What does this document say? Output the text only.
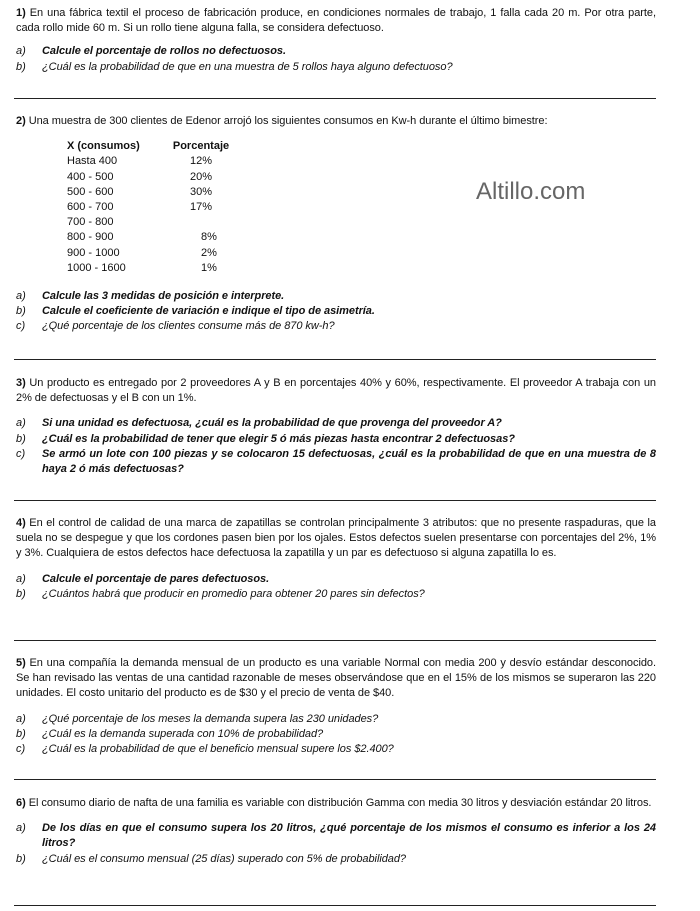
Altillo.com

1) En una fábrica textil el proceso de fabricación produce, en condiciones normales de trabajo, 1 falla cada 20 m. Por otra parte, cada rollo mide 60 m. Si un rollo tiene alguna falla, se considera defectuoso.

a) Calcule el porcentaje de rollos no defectuosos.
b) ¿Cuál es la probabilidad de que en una muestra de 5 rollos haya alguno defectuoso?

2) Una muestra de 300 clientes de Edenor arrojó los siguientes consumos en Kw-h durante el último bimestre:

X (consumos)	Porcentaje
Hasta 400	12%
400 - 500	20%
500 - 600	30%
600 - 700	17%
700 - 800
800 - 900	8%
900 - 1000	2%
1000 - 1600	1%
a) Calcule las 3 medidas de posición e interprete.
b) Calcule el coeficiente de variación e indique el tipo de asimetría.
c) ¿Qué porcentaje de los clientes consume más de 870 kw-h?

3) Un producto es entregado por 2 proveedores A y B en porcentajes 40% y 60%, respectivamente. El proveedor A trabaja con un 2% de defectuosas y el B con un 1%.

a) Si una unidad es defectuosa, ¿cuál es la probabilidad de que provenga del proveedor A?
b) ¿Cuál es la probabilidad de tener que elegir 5 ó más piezas hasta encontrar 2 defectuosas?
c) Se armó un lote con 100 piezas y se colocaron 15 defectuosas, ¿cuál es la probabilidad de que en una muestra de 8 haya 2 ó más defectuosas?

4) En el control de calidad de una marca de zapatillas se controlan principalmente 3 atributos: que no presente raspaduras, que la suela no se despegue y que los cordones pasen bien por los ojales. Estos defectos suelen presentarse con porcentajes del 2%, 1% y 3%. Cualquiera de estos defectos hace defectuosa la zapatilla y un par es defectuoso si alguna zapatilla lo es.

a) Calcule el porcentaje de pares defectuosos.
b) ¿Cuántos habrá que producir en promedio para obtener 20 pares sin defectos?

5) En una compañía la demanda mensual de un producto es una variable Normal con media 200 y desvío estándar desconocido. Se han revisado las ventas de una cantidad razonable de meses observándose que en el 15% de los mismos se superaron las 220 unidades. El costo unitario del producto es de $30 y el precio de venta de $40.

a) ¿Qué porcentaje de los meses la demanda supera las 230 unidades?
b) ¿Cuál es la demanda superada con 10% de probabilidad?
c) ¿Cuál es la probabilidad de que el beneficio mensual supere los $2.400?

6) El consumo diario de nafta de una familia es variable con distribución Gamma con media 30 litros y desviación estándar 20 litros.

a) De los días en que el consumo supera los 20 litros, ¿qué porcentaje de los mismos el consumo es inferior a los 24 litros?
b) ¿Cuál es el consumo mensual (25 días) superado con 5% de probabilidad?
